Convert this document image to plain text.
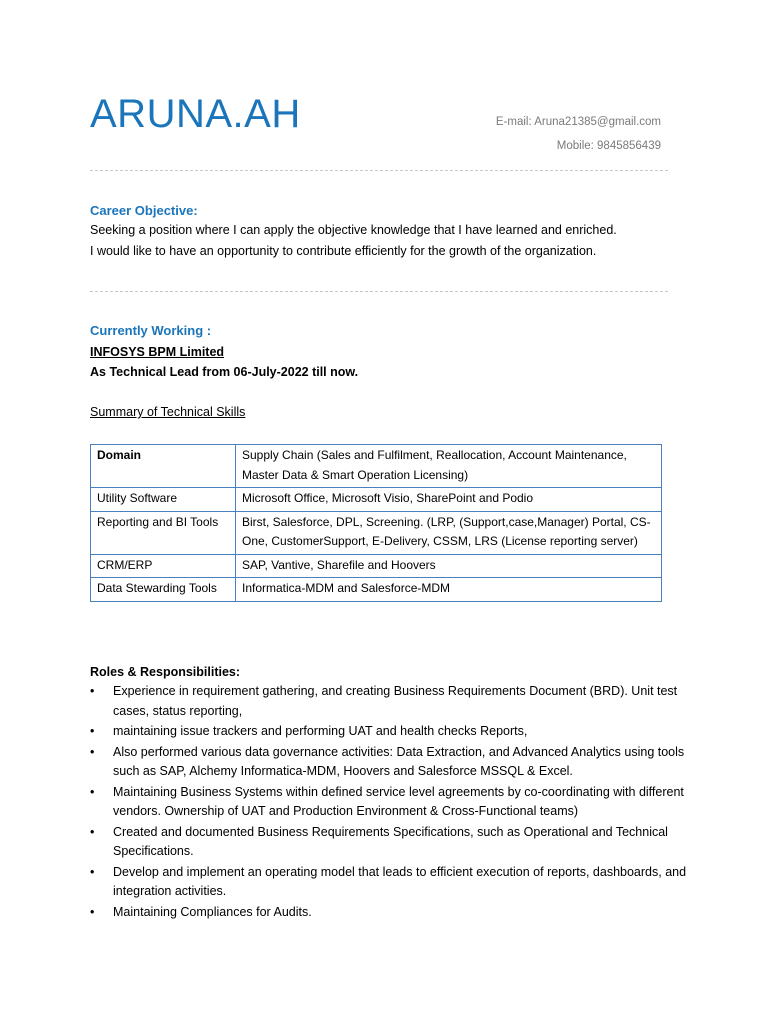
ARUNA.AH	E-mail: Aruna21385@gmail.com
Mobile: 9845856439
Career Objective:
Seeking a position where I can apply the objective knowledge that I have learned and enriched.
I would like to have an opportunity to contribute efficiently for the growth of the organization.
Currently Working :
INFOSYS BPM Limited
As Technical Lead from 06-July-2022 till now.
Summary of Technical Skills
Domain	Supply Chain (Sales and Fulfilment, Reallocation, Account Maintenance, Master Data & Smart Operation Licensing)
Utility Software	Microsoft Office, Microsoft Visio, SharePoint and Podio
Reporting and BI Tools	Birst, Salesforce, DPL, Screening. (LRP, (Support,case,Manager) Portal, CS-One, CustomerSupport, E-Delivery, CSSM, LRS (License reporting server)
CRM/ERP	SAP, Vantive, Sharefile and Hoovers
Data Stewarding Tools	Informatica-MDM and Salesforce-MDM
Roles & Responsibilities:
• Experience in requirement gathering, and creating Business Requirements Document (BRD). Unit test cases, status reporting,
• maintaining issue trackers and performing UAT and health checks Reports,
• Also performed various data governance activities: Data Extraction, and Advanced Analytics using tools such as SAP, Alchemy Informatica-MDM, Hoovers and Salesforce MSSQL & Excel.
• Maintaining Business Systems within defined service level agreements by co-coordinating with different vendors. Ownership of UAT and Production Environment & Cross-Functional teams)
• Created and documented Business Requirements Specifications, such as Operational and Technical Specifications.
• Develop and implement an operating model that leads to efficient execution of reports, dashboards, and integration activities.
• Maintaining Compliances for Audits.
